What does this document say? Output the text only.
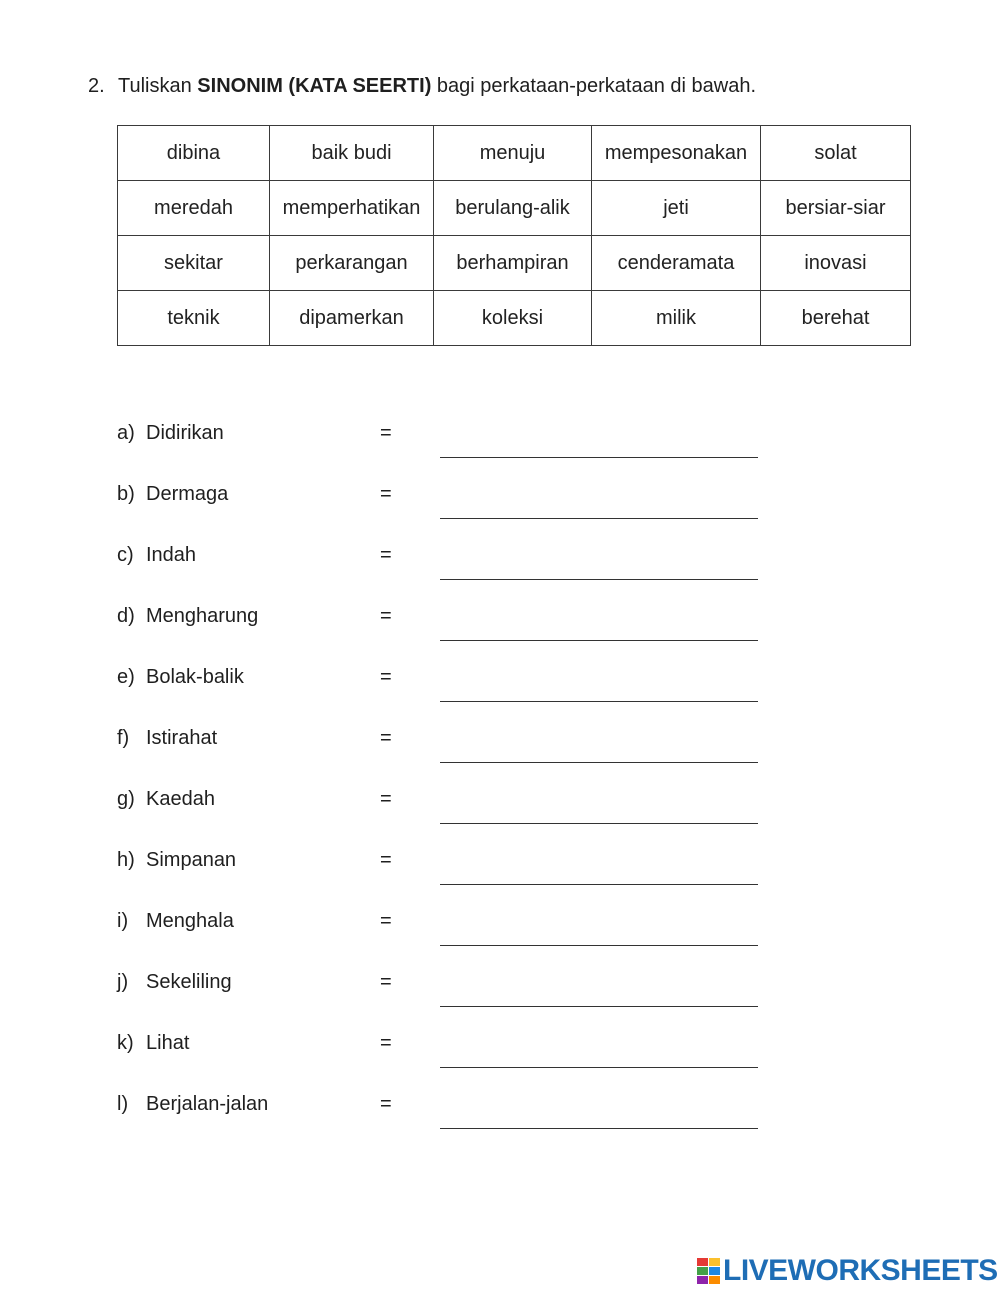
2. Tuliskan SINONIM (KATA SEERTI) bagi perkataan-perkataan di bawah.
dibina	baik budi	menuju	mempesonakan	solat
meredah	memperhatikan	berulang-alik	jeti	bersiar-siar
sekitar	perkarangan	berhampiran	cenderamata	inovasi
teknik	dipamerkan	koleksi	milik	berehat
a) Didirikan	=
b) Dermaga	=
c) Indah	=
d) Mengharung	=
e) Bolak-balik	=
f) Istirahat	=
g) Kaedah	=
h) Simpanan	=
i) Menghala	=
j) Sekeliling	=
k) Lihat	=
l) Berjalan-jalan	=
LIVEWORKSHEETS
